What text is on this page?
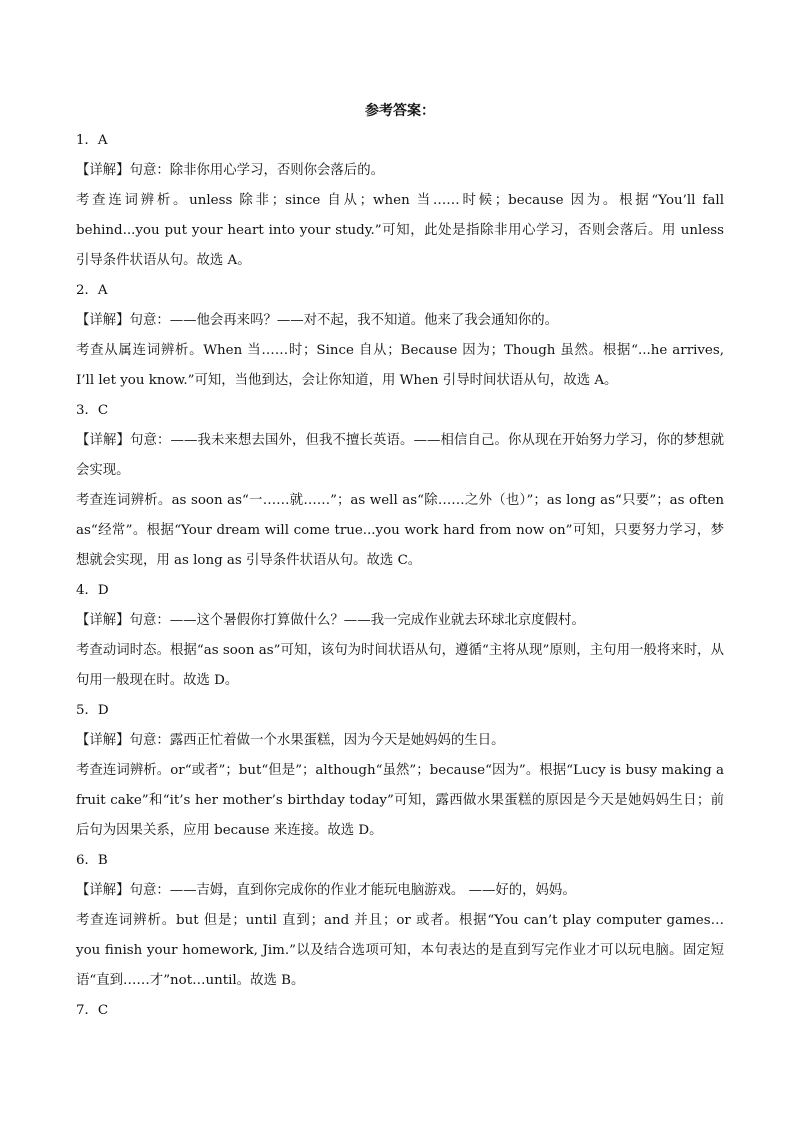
参考答案：
1．A
【详解】句意：除非你用心学习，否则你会落后的。
考查连词辨析。unless 除非；since 自从；when 当……时候；because 因为。根据“You’ll fall behind...you put your heart into your study.”可知，此处是指除非用心学习，否则会落后。用 unless 引导条件状语从句。故选 A。
2．A
【详解】句意：——他会再来吗？——对不起，我不知道。他来了我会通知你的。
考查从属连词辨析。When 当……时；Since 自从；Because 因为；Though 虽然。根据“...he arrives, I’ll let you know.”可知，当他到达，会让你知道，用 When 引导时间状语从句，故选 A。
3．C
【详解】句意：——我未来想去国外，但我不擅长英语。——相信自己。你从现在开始努力学习，你的梦想就会实现。
考查连词辨析。as soon as“一……就……”；as well as“除……之外（也）”；as long as“只要”；as often as“经常”。根据“Your dream will come true...you work hard from now on”可知，只要努力学习，梦想就会实现，用 as long as 引导条件状语从句。故选 C。
4．D
【详解】句意：——这个暑假你打算做什么？——我一完成作业就去环球北京度假村。
考查动词时态。根据“as soon as”可知，该句为时间状语从句，遵循“主将从现”原则，主句用一般将来时，从句用一般现在时。故选 D。
5．D
【详解】句意：露西正忙着做一个水果蛋糕，因为今天是她妈妈的生日。
考查连词辨析。or“或者”；but“但是”；although“虽然”；because“因为”。根据“Lucy is busy making a fruit cake”和“it’s her mother’s birthday today”可知，露西做水果蛋糕的原因是今天是她妈妈生日；前后句为因果关系，应用 because 来连接。故选 D。
6．B
【详解】句意：——吉姆，直到你完成你的作业才能玩电脑游戏。 ——好的，妈妈。
考查连词辨析。but 但是；until 直到；and 并且；or 或者。根据“You can’t play computer games…you finish your homework, Jim.”以及结合选项可知，本句表达的是直到写完作业才可以玩电脑。固定短语“直到……才”not…until。故选 B。
7．C
